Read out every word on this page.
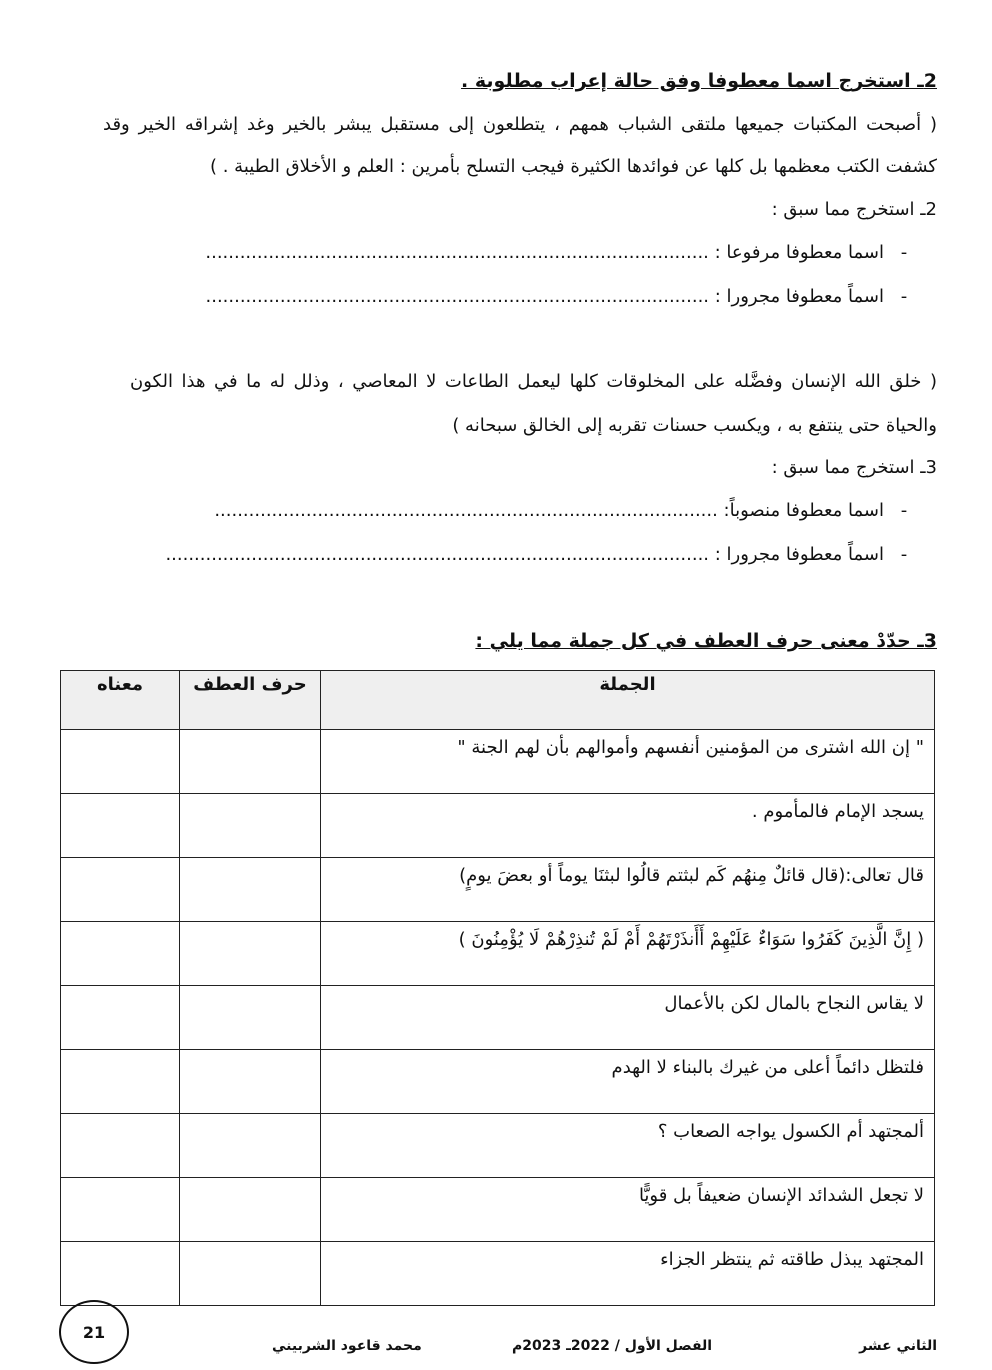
2ـ استخرج اسما معطوفا وفق حالة إعراب مطلوبة .
( أصبحت المكتبات جميعها ملتقى الشباب همهم ، يتطلعون إلى مستقبل يبشر بالخير وغد إشراقه الخير وقد
كشفت الكتب معظمها بل كلها عن فوائدها الكثيرة فيجب التسلح بأمرين : العلم و الأخلاق الطيبة . )
2ـ استخرج مما سبق :
-اسما معطوفا مرفوعا : ........................................................................................
-اسماً معطوفا مجرورا : ........................................................................................
( خلق الله الإنسان وفضَّله على المخلوقات كلها ليعمل الطاعات لا المعاصي ، وذلل له ما في هذا الكون
والحياة حتى ينتفع به ، ويكسب حسنات تقربه إلى الخالق سبحانه )
3ـ استخرج مما سبق :
-اسما معطوفا منصوباً: ........................................................................................
-اسماً معطوفا مجرورا : ...............................................................................................
3ـ حدّدْ معنى حرف العطف في كل جملة مما يلي :
الجملة	حرف العطف	معناه
" إن الله اشترى من المؤمنين أنفسهم وأموالهم بأن لهم الجنة "		
يسجد الإمام فالمأموم .		
قال تعالى:(قال قائلٌ مِنهُم كَم لبثتم قالُوا لبثنَا يوماً أو بعضَ يومٍ)		
( إِنَّ الَّذِينَ كَفَرُوا سَوَاءٌ عَلَيْهِمْ أَأَنذَرْتَهُمْ أَمْ لَمْ تُنذِرْهُمْ لَا يُؤْمِنُونَ )		
لا يقاس النجاح بالمال لكن بالأعمال		
فلتظل دائماً أعلى من غيرك بالبناء لا الهدم		
ألمجتهد أم الكسول يواجه الصعاب ؟		
لا تجعل الشدائد الإنسان ضعيفاً بل قويًّا		
المجتهد يبذل طاقته ثم ينتظر الجزاء		
21
محمد قاعود الشربيني	الفصل الأول / 2022ـ 2023م	الثاني عشر
